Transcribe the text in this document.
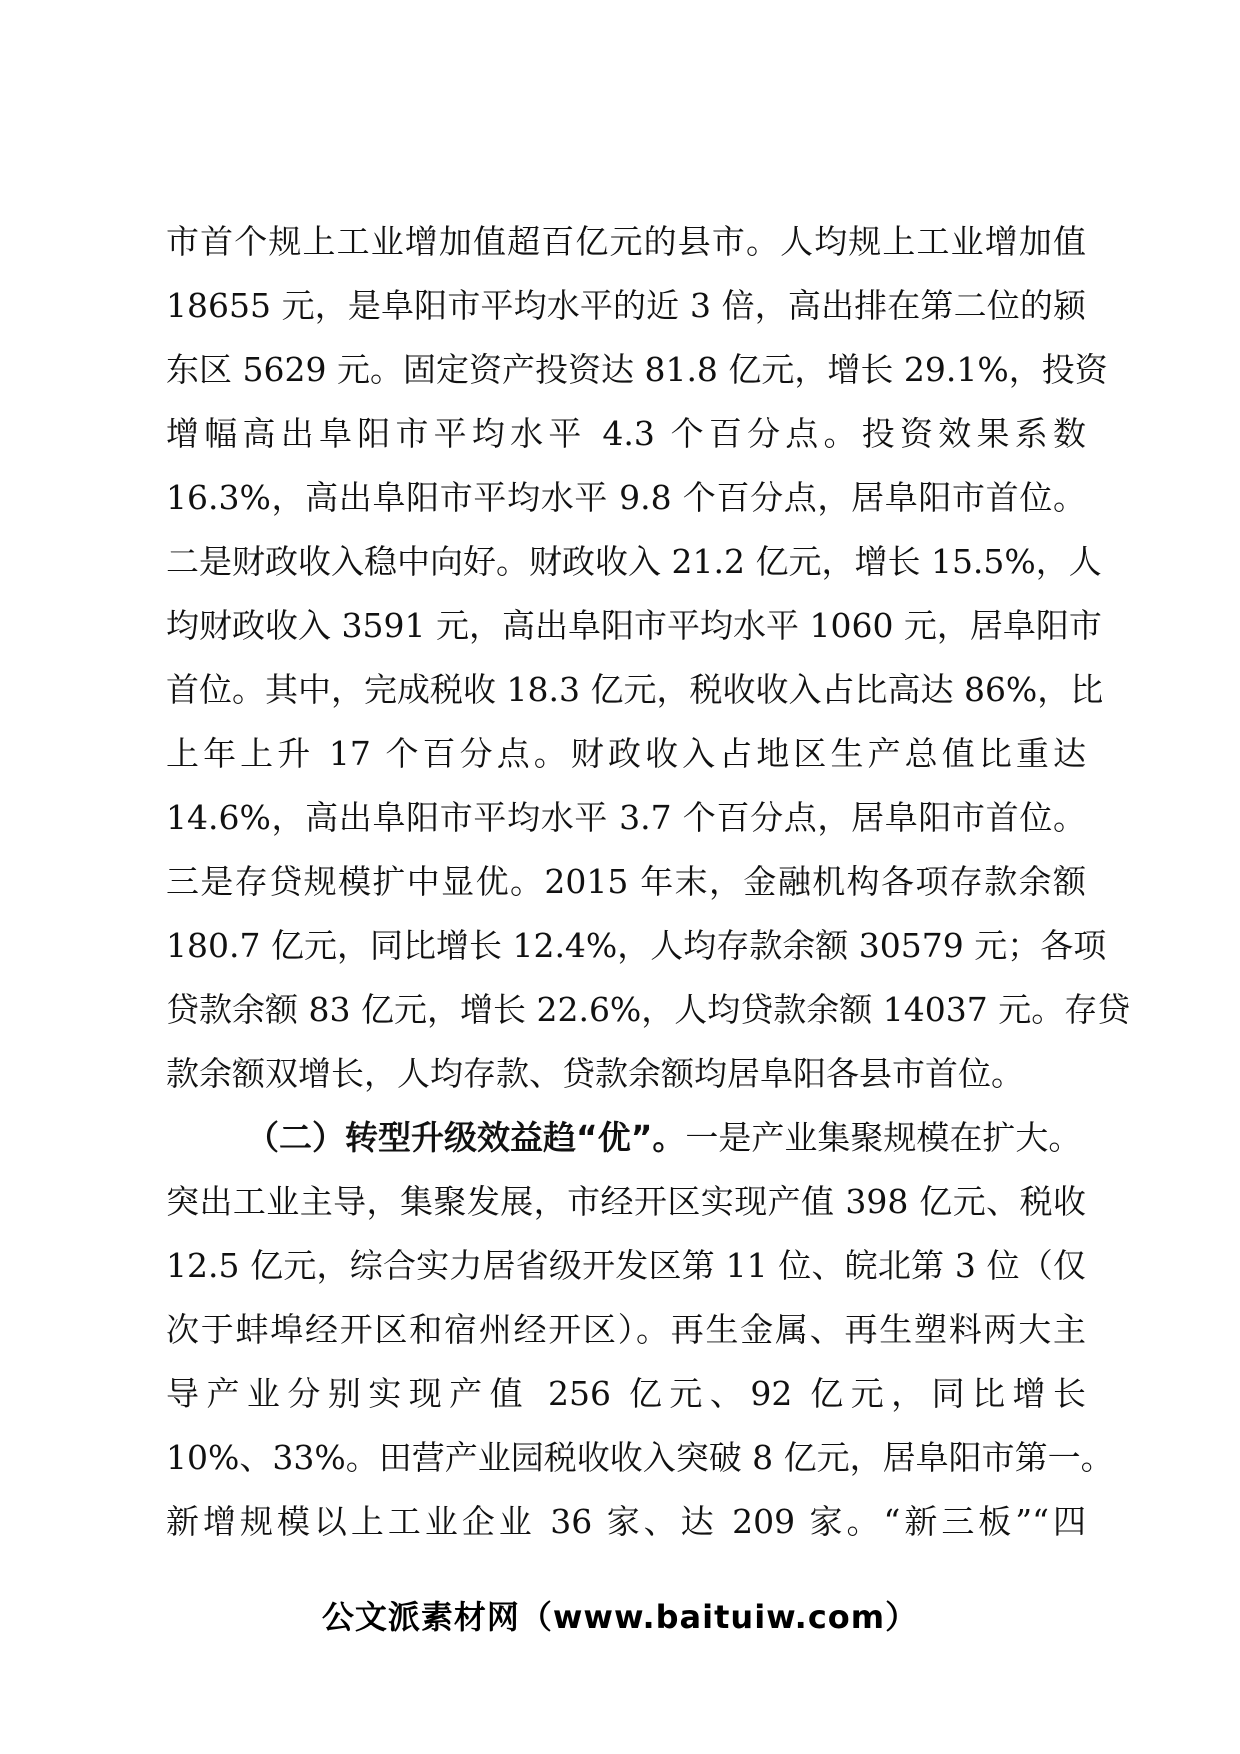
市首个规上工业增加值超百亿元的县市。人均规上工业增加值
18655 元，是阜阳市平均水平的近 3 倍，高出排在第二位的颍
东区 5629 元。固定资产投资达 81.8 亿元，增长 29.1%，投资
增幅高出阜阳市平均水平 4.3 个百分点。投资效果系数
16.3%，高出阜阳市平均水平 9.8 个百分点，居阜阳市首位。
二是财政收入稳中向好。财政收入 21.2 亿元，增长 15.5%，人
均财政收入 3591 元，高出阜阳市平均水平 1060 元，居阜阳市
首位。其中，完成税收 18.3 亿元，税收收入占比高达 86%，比
上年上升 17 个百分点。财政收入占地区生产总值比重达
14.6%，高出阜阳市平均水平 3.7 个百分点，居阜阳市首位。
三是存贷规模扩中显优。2015 年末，金融机构各项存款余额
180.7 亿元，同比增长 12.4%，人均存款余额 30579 元；各项
贷款余额 83 亿元，增长 22.6%，人均贷款余额 14037 元。存贷
款余额双增长，人均存款、贷款余额均居阜阳各县市首位。
（二）转型升级效益趋“优”。一是产业集聚规模在扩大。
突出工业主导，集聚发展，市经开区实现产值 398 亿元、税收
12.5 亿元，综合实力居省级开发区第 11 位、皖北第 3 位（仅
次于蚌埠经开区和宿州经开区）。再生金属、再生塑料两大主
导产业分别实现产值 256 亿元、92 亿元，同比增长
10%、33%。田营产业园税收收入突破 8 亿元，居阜阳市第一。
新增规模以上工业企业 36 家、达 209 家。“新三板”“四
公文派素材网（www.baituiw.com）
